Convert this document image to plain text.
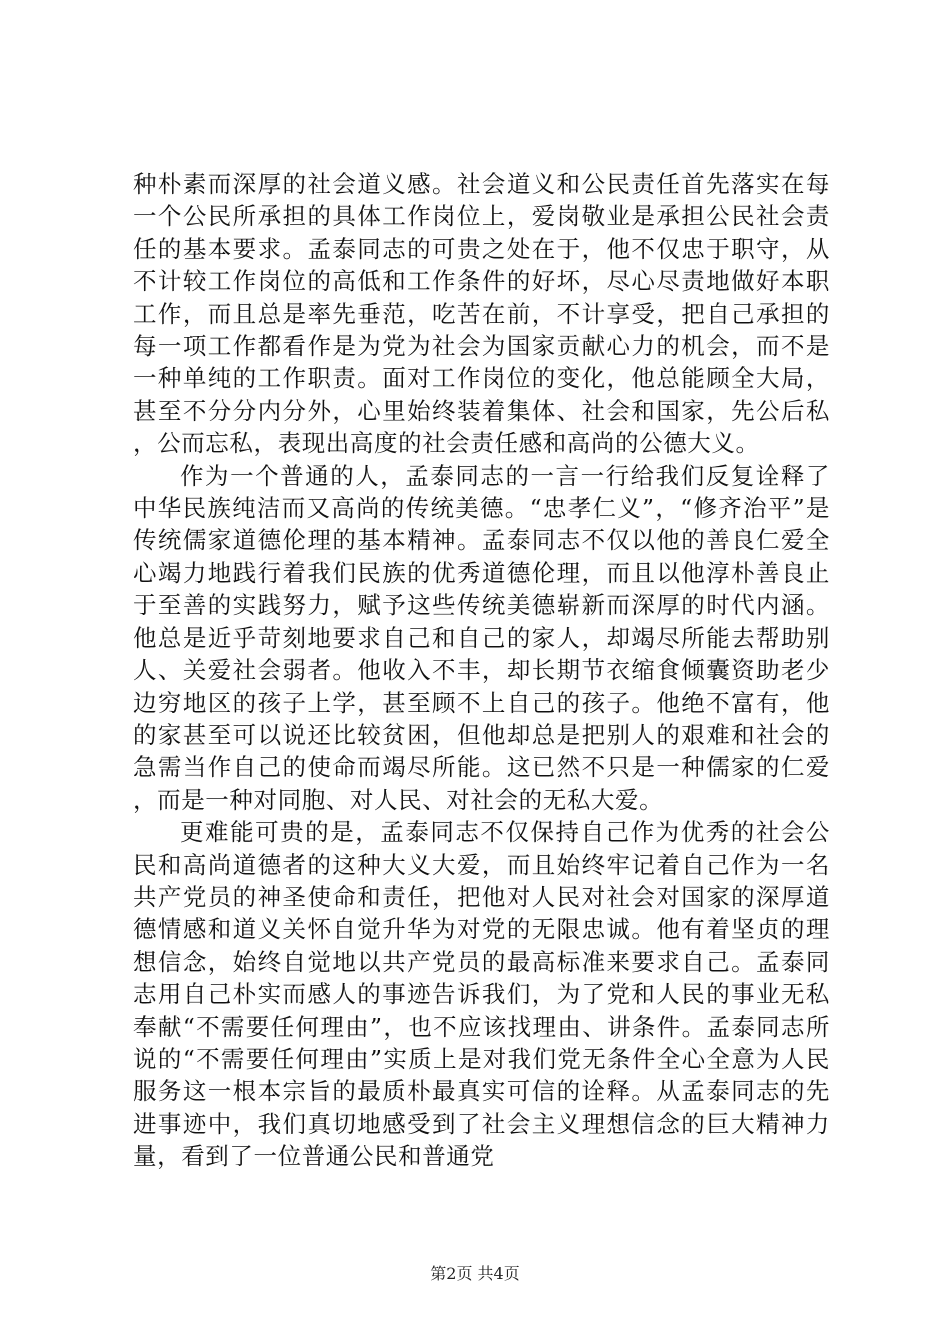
种朴素而深厚的社会道义感。社会道义和公民责任首先落实在每一个公民所承担的具体工作岗位上，爱岗敬业是承担公民社会责任的基本要求。孟泰同志的可贵之处在于，他不仅忠于职守，从不计较工作岗位的高低和工作条件的好坏，尽心尽责地做好本职工作，而且总是率先垂范，吃苦在前，不计享受，把自己承担的每一项工作都看作是为党为社会为国家贡献心力的机会，而不是一种单纯的工作职责。面对工作岗位的变化，他总能顾全大局，甚至不分分内分外，心里始终装着集体、社会和国家，先公后私，公而忘私，表现出高度的社会责任感和高尚的公德大义。

作为一个普通的人，孟泰同志的一言一行给我们反复诠释了中华民族纯洁而又高尚的传统美德。“忠孝仁义”，“修齐治平”是传统儒家道德伦理的基本精神。孟泰同志不仅以他的善良仁爱全心竭力地践行着我们民族的优秀道德伦理，而且以他淳朴善良止于至善的实践努力，赋予这些传统美德崭新而深厚的时代内涵。他总是近乎苛刻地要求自己和自己的家人，却竭尽所能去帮助别人、关爱社会弱者。他收入不丰，却长期节衣缩食倾囊资助老少边穷地区的孩子上学，甚至顾不上自己的孩子。他绝不富有，他的家甚至可以说还比较贫困，但他却总是把别人的艰难和社会的急需当作自己的使命而竭尽所能。这已然不只是一种儒家的仁爱，而是一种对同胞、对人民、对社会的无私大爱。

更难能可贵的是，孟泰同志不仅保持自己作为优秀的社会公民和高尚道德者的这种大义大爱，而且始终牢记着自己作为一名共产党员的神圣使命和责任，把他对人民对社会对国家的深厚道德情感和道义关怀自觉升华为对党的无限忠诚。他有着坚贞的理想信念，始终自觉地以共产党员的最高标准来要求自己。孟泰同志用自己朴实而感人的事迹告诉我们，为了党和人民的事业无私奉献“不需要任何理由”，也不应该找理由、讲条件。孟泰同志所说的“不需要任何理由”实质上是对我们党无条件全心全意为人民服务这一根本宗旨的最质朴最真实可信的诠释。从孟泰同志的先进事迹中，我们真切地感受到了社会主义理想信念的巨大精神力量，看到了一位普通公民和普通党

第2页 共4页
